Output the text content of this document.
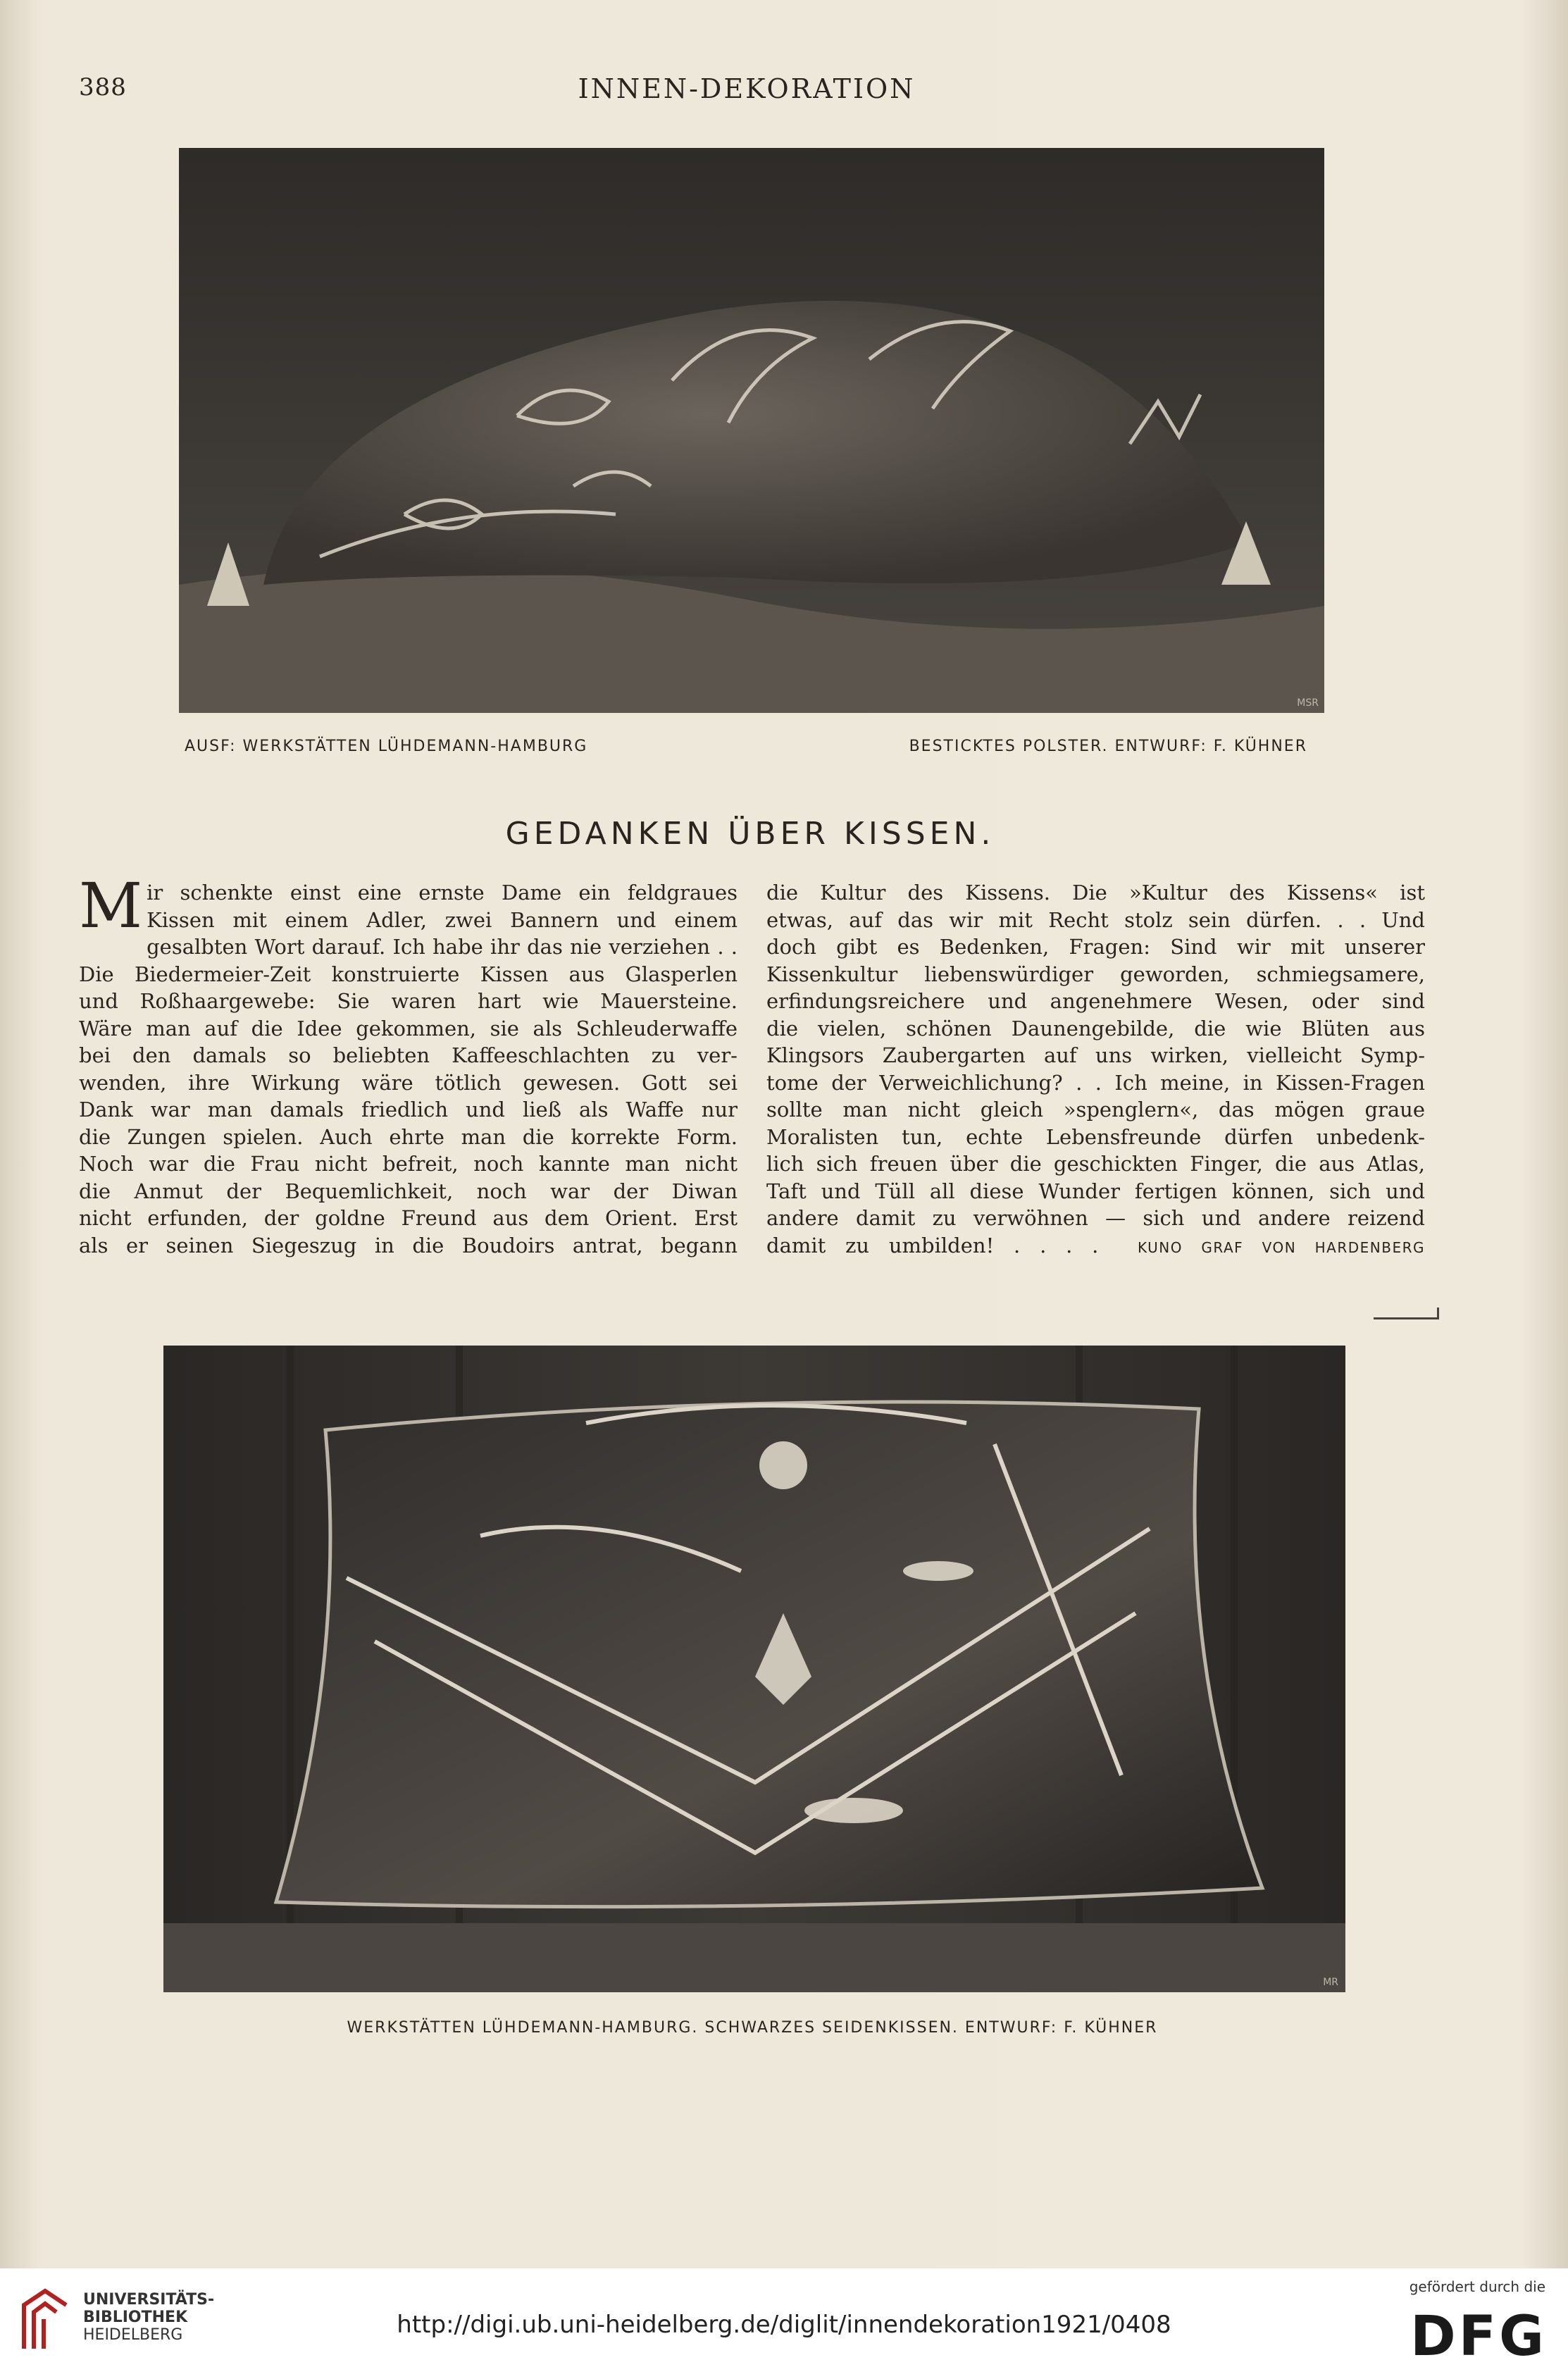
388	INNEN-DEKORATION
MSR
AUSF: WERKSTÄTTEN LÜHDEMANN-HAMBURG	BESTICKTES POLSTER. ENTWURF: F. KÜHNER
GEDANKEN ÜBER KISSEN.
M ir schenkte einst eine ernste Dame ein feldgraues
Kissen mit einem Adler, zwei Bannern und einem
gesalbten Wort darauf. Ich habe ihr das nie verziehen . .
Die Biedermeier-Zeit konstruierte Kissen aus Glasperlen
und Roßhaargewebe: Sie waren hart wie Mauersteine.
Wäre man auf die Idee gekommen, sie als Schleuderwaffe
bei den damals so beliebten Kaffeeschlachten zu ver-
wenden, ihre Wirkung wäre tötlich gewesen. Gott sei
Dank war man damals friedlich und ließ als Waffe nur
die Zungen spielen. Auch ehrte man die korrekte Form.
Noch war die Frau nicht befreit, noch kannte man nicht
die Anmut der Bequemlichkeit, noch war der Diwan
nicht erfunden, der goldne Freund aus dem Orient. Erst
als er seinen Siegeszug in die Boudoirs antrat, begann
die Kultur des Kissens. Die »Kultur des Kissens« ist
etwas, auf das wir mit Recht stolz sein dürfen. . . Und
doch gibt es Bedenken, Fragen: Sind wir mit unserer
Kissenkultur liebenswürdiger geworden, schmiegsamere,
erfindungsreichere und angenehmere Wesen, oder sind
die vielen, schönen Daunengebilde, die wie Blüten aus
Klingsors Zaubergarten auf uns wirken, vielleicht Symp-
tome der Verweichlichung? . . Ich meine, in Kissen-Fragen
sollte man nicht gleich »spenglern«, das mögen graue
Moralisten tun, echte Lebensfreunde dürfen unbedenk-
lich sich freuen über die geschickten Finger, die aus Atlas,
Taft und Tüll all diese Wunder fertigen können, sich und
andere damit zu verwöhnen — sich und andere reizend
damit zu umbilden! . . . .	KUNO GRAF VON HARDENBERG
MR
WERKSTÄTTEN LÜHDEMANN-HAMBURG. SCHWARZES SEIDENKISSEN. ENTWURF: F. KÜHNER
UNIVERSITÄTS-
BIBLIOTHEK
HEIDELBERG	http://digi.ub.uni-heidelberg.de/diglit/innendekoration1921/0408
gefördert durch die
DFG
